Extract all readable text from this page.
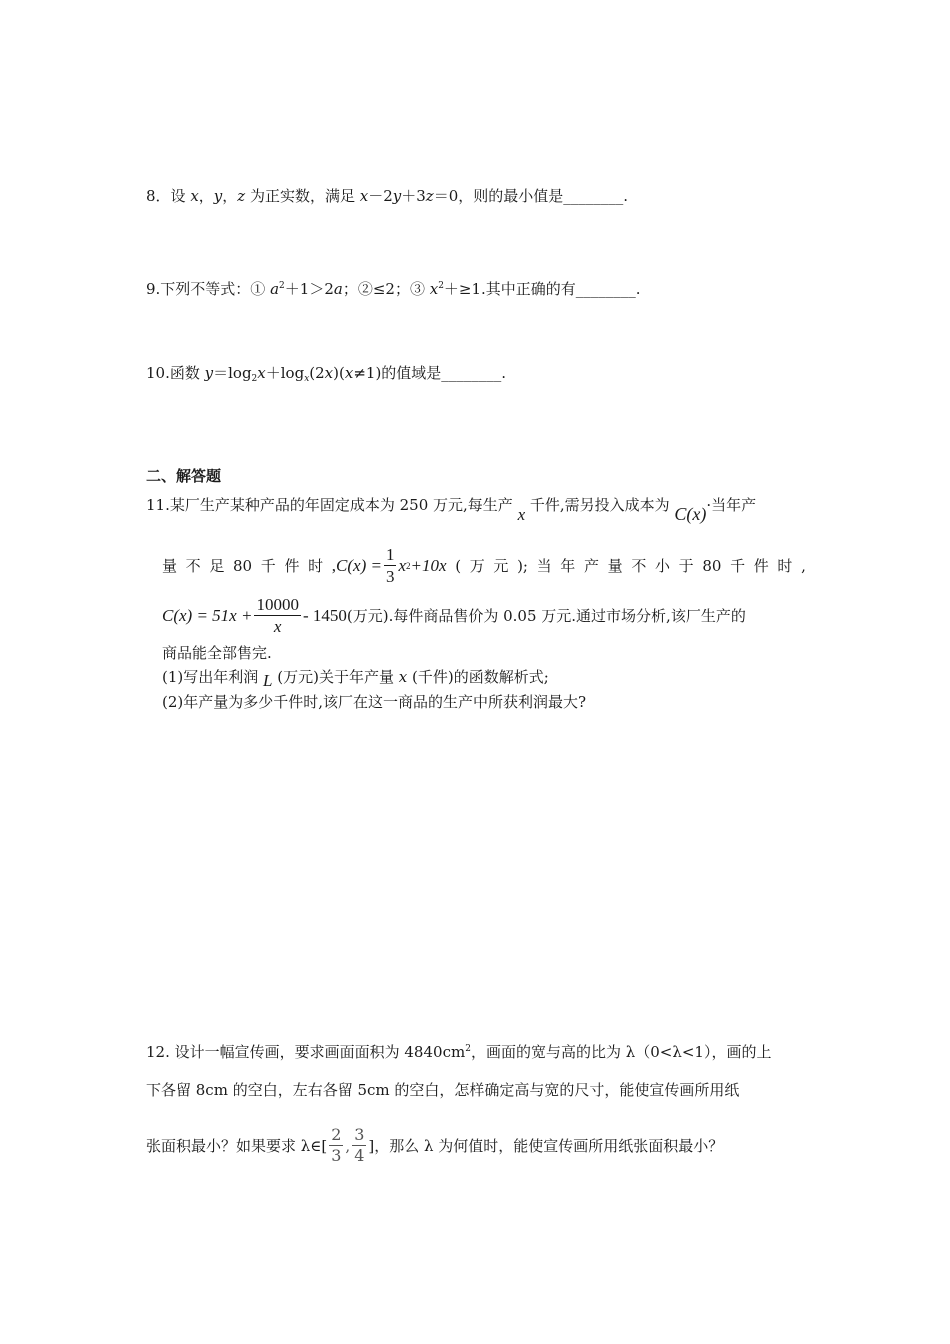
8．设 x，y，z 为正实数，满足 x－2y＋3z＝0，则的最小值是________.
9.下列不等式：① $a^2+1>2a$；②≤2；③ $x^2+\ge 1$.其中正确的有________.
10.函数 $y=\log_2x+\log_x(2x)(x\ne 1)$的值域是________.
二、解答题
11.某厂生产某种产品的年固定成本为 250 万元,每生产 x 千件,需另投入成本为 C(x)·当年产
量 不 足 80 千 件 时 , $C(x) = \frac{1}{3}$ x 2 +10x ( 万 元 ); 当 年 产 量 不 小 于 80 千 件 时 ,
$C(x) = 51x + \frac{10000}{x} - 1450$ (万元).每件商品售价为 0.05 万元.通过市场分析,该厂生产的
商品能全部售完.
(1)写出年利润 L (万元)关于年产量 x (千件)的函数解析式;
(2)年产量为多少千件时,该厂在这一商品的生产中所获利润最大?
12. 设计一幅宣传画，要求画面面积为 $4840cm^2$，画面的宽与高的比为 λ（0<λ<1），画的上
下各留 8cm 的空白，左右各留 5cm 的空白，怎样确定高与宽的尺寸，能使宣传画所用纸
张面积最小？如果要求 λ∈[ $\frac{2}{3}$ , $\frac{3}{4}$ ]，那么 λ 为何值时，能使宣传画所用纸张面积最小？
